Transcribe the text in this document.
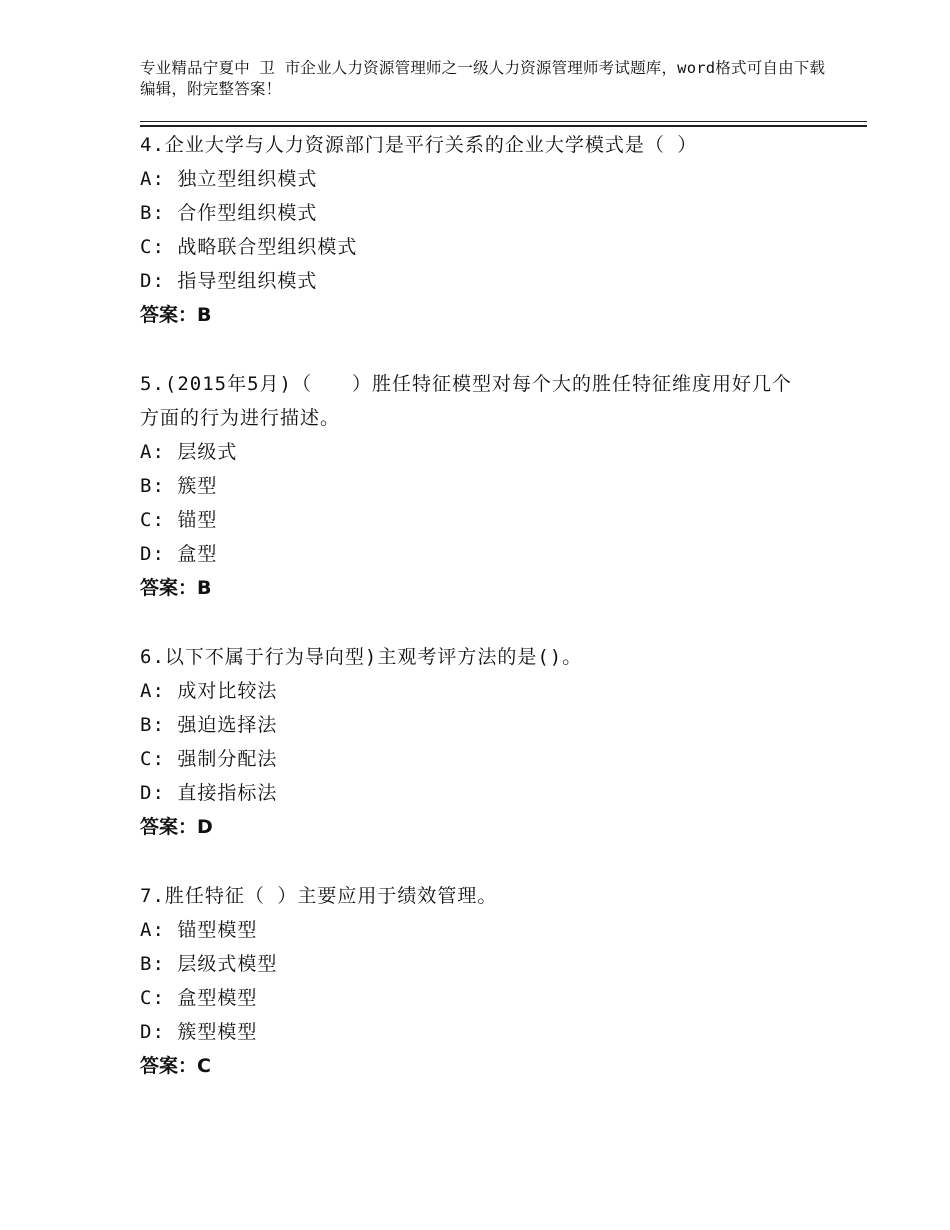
专业精品宁夏中 卫 市企业人力资源管理师之一级人力资源管理师考试题库，word格式可自由下载编辑，附完整答案！
4.企业大学与人力资源部门是平行关系的企业大学模式是（ ）
A: 独立型组织模式
B: 合作型组织模式
C: 战略联合型组织模式
D: 指导型组织模式
答案：B
5.(2015年5月)（　　）胜任特征模型对每个大的胜任特征维度用好几个方面的行为进行描述。
A: 层级式
B: 簇型
C: 锚型
D: 盒型
答案：B
6.以下不属于行为导向型)主观考评方法的是()。
A: 成对比较法
B: 强迫选择法
C: 强制分配法
D: 直接指标法
答案：D
7.胜任特征（ ）主要应用于绩效管理。
A: 锚型模型
B: 层级式模型
C: 盒型模型
D: 簇型模型
答案：C
